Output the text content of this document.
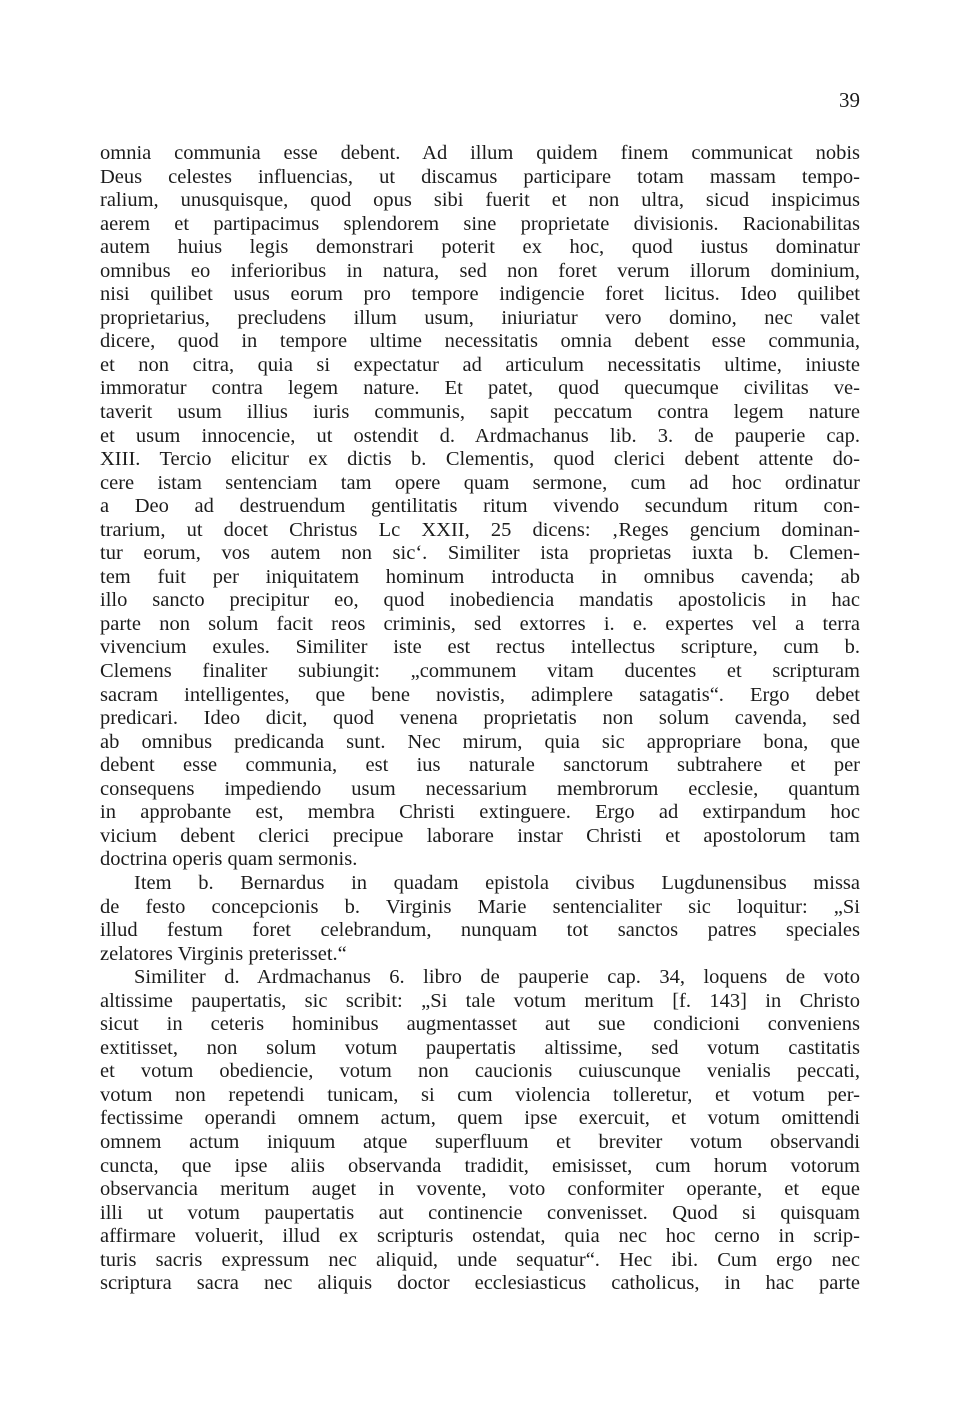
39
omnia communia esse debent. Ad illum quidem finem communicat nobis
Deus celestes influencias, ut discamus participare totam massam tempo-
ralium, unusquisque, quod opus sibi fuerit et non ultra, sicud inspicimus
aerem et partipacimus splendorem sine proprietate divisionis. Racionabilitas
autem huius legis demonstrari poterit ex hoc, quod iustus dominatur
omnibus eo inferioribus in natura, sed non foret verum illorum dominium,
nisi quilibet usus eorum pro tempore indigencie foret licitus. Ideo quilibet
proprietarius, precludens illum usum, iniuriatur vero domino, nec valet
dicere, quod in tempore ultime necessitatis omnia debent esse communia,
et non citra, quia si expectatur ad articulum necessitatis ultime, iniuste
immoratur contra legem nature. Et patet, quod quecumque civilitas ve-
taverit usum illius iuris communis, sapit peccatum contra legem nature
et usum innocencie, ut ostendit d. Ardmachanus lib. 3. de pauperie cap.
XIII. Tercio elicitur ex dictis b. Clementis, quod clerici debent attente do-
cere istam sentenciam tam opere quam sermone, cum ad hoc ordinatur
a Deo ad destruendum gentilitatis ritum vivendo secundum ritum con-
trarium, ut docet Christus Lc XXII, 25 dicens: ‚Reges gencium dominan-
tur eorum, vos autem non sic‘. Similiter ista proprietas iuxta b. Clemen-
tem fuit per iniquitatem hominum introducta in omnibus cavenda; ab
illo sancto precipitur eo, quod inobediencia mandatis apostolicis in hac
parte non solum facit reos criminis, sed extorres i. e. expertes vel a terra
vivencium exules. Similiter iste est rectus intellectus scripture, cum b.
Clemens finaliter subiungit: „communem vitam ducentes et scripturam
sacram intelligentes, que bene novistis, adimplere satagatis“. Ergo debet
predicari. Ideo dicit, quod venena proprietatis non solum cavenda, sed
ab omnibus predicanda sunt. Nec mirum, quia sic appropriare bona, que
debent esse communia, est ius naturale sanctorum subtrahere et per
consequens impediendo usum necessarium membrorum ecclesie, quantum
in approbante est, membra Christi extinguere. Ergo ad extirpandum hoc
vicium debent clerici precipue laborare instar Christi et apostolorum tam
doctrina operis quam sermonis.
Item b. Bernardus in quadam epistola civibus Lugdunensibus missa
de festo concepcionis b. Virginis Marie sentencialiter sic loquitur: „Si
illud festum foret celebrandum, nunquam tot sanctos patres speciales
zelatores Virginis preterisset.“
Similiter d. Ardmachanus 6. libro de pauperie cap. 34, loquens de voto
altissime paupertatis, sic scribit: „Si tale votum meritum [f. 143] in Christo
sicut in ceteris hominibus augmentasset aut sue condicioni conveniens
extitisset, non solum votum paupertatis altissime, sed votum castitatis
et votum obediencie, votum non caucionis cuiuscunque venialis peccati,
votum non repetendi tunicam, si cum violencia tolleretur, et votum per-
fectissime operandi omnem actum, quem ipse exercuit, et votum omittendi
omnem actum iniquum atque superfluum et breviter votum observandi
cuncta, que ipse aliis observanda tradidit, emisisset, cum horum votorum
observancia meritum auget in vovente, voto conformiter operante, et eque
illi ut votum paupertatis aut continencie convenisset. Quod si quisquam
affirmare voluerit, illud ex scripturis ostendat, quia nec hoc cerno in scrip-
turis sacris expressum nec aliquid, unde sequatur“. Hec ibi. Cum ergo nec
scriptura sacra nec aliquis doctor ecclesiasticus catholicus, in hac parte
